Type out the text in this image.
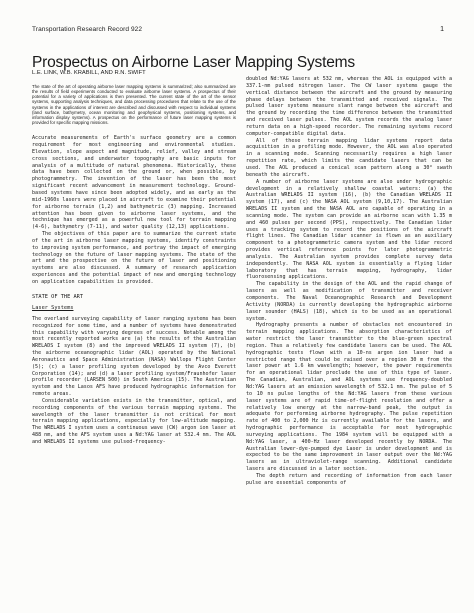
Transportation Research Record 922	1
Prospectus on Airborne Laser Mapping Systems
L.E. LINK, W.B. KRABILL, AND R.N. SWIFT

The state of the art of operating airborne laser mapping systems is summarized; also summarized are the results of field experiments conducted to evaluate airborne laser systems. A prospectus of their potential for a variety of applications is then presented. The current state of the art of the sensor systems, supporting analysis techniques, and data processing procedures that relate to the use of the systems in the applications of interest are described and discussed with respect to individual systems (land surface, bathymetry, ocean monitoring and geophysical systems, positioning systems, and information display systems). A prospectus on the performance of future laser mapping systems is provided for specific mapping missions.

Accurate measurements of Earth's surface geometry are a common requirement for most engineering and environmental studies. Elevation, slope aspect and magnitude, relief, valley and stream cross sections, and underwater topography are basic inputs for analysis of a multitude of natural phenomena. Historically, these data have been collected on the ground or, when possible, by photogrammetry. The invention of the laser has been the most significant recent advancement in measurement technology. Ground-based systems have since been adopted widely, and as early as the mid-1960s lasers were placed in aircraft to examine their potential for airborne terrain (1,2) and bathymetric (3) mapping. Increased attention has been given to airborne laser systems, and the technique has emerged as a powerful new tool for terrain mapping (4-6), bathymetry (7-11), and water quality (12,13) applications.

The objectives of this paper are to summarize the current state of the art in airborne laser mapping systems, identify constraints to improving system performance, and portray the impact of emerging technology on the future of laser mapping systems. The state of the art and the prospective on the future of laser and positioning systems are also discussed. A summary of research application experiences and the potential impact of new and emerging technology on application capabilities is provided.

STATE OF THE ART
Laser Systems

The overland surveying capability of laser ranging systems has been recognized for some time, and a number of systems have demonstrated this capability with varying degrees of success. Notable among the most recently reported works are (a) the results of the Australian WRELADS I system (8) and the improved WRELADS II system (7), (b) the airborne oceanographic lidar (AOL) operated by the National Aeronautics and Space Administration (NASA) Wallops Flight Center (5); (c) a laser profiling system developed by the Avco Everett Corporation (14); and (d) a laser profiling system/Fraunhofer laser profile recorder (LARSEN 500) in South America (15). The Australian system and the Lasos AFS have produced hydrographic information for remote areas.

Considerable variation exists in the transmitter, optical, and recording components of the various terrain mapping systems. The wavelength of the laser transmitter is not critical for most terrain mapping applications, especially for low-altitude mapping. The WRELADS I system uses a continuous wave (CW) argon ion laser at 488 nm, and the AFS system uses a Nd:YAG laser at 532.4 nm. The AOL and WRELADS II systems use pulsed-frequency-

doubled Nd:YAG lasers at 532 nm, whereas the AOL is equipped with a 337.1-nm pulsed nitrogen laser. The CW laser systems gauge the vertical distance between the aircraft and the ground by measuring phase delays between the transmitted and received signals. The pulsed laser systems measure slant range between the aircraft and the ground by recording the time difference between the transmitted and received laser pulses. The AOL system records the analog laser return data on a high-speed recorder. The remaining systems record computer-compatible digital data.

All of these terrain mapping lidar systems report data acquisition in a profiling mode. However, the AOL was also operated in a scanning mode. Scanning necessarily requires a high laser repetition rate, which limits the candidate lasers that can be used. The AOL produced a conical scan pattern along a 30° swath beneath the aircraft.

A number of airborne laser systems are also under hydrographic development in a relatively shallow coastal waters: (a) the Australian WRELADS II system (16), (b) the Canadian WRELADS II system (17), and (c) the NASA AOL system (9,10,17). The Australian WRELADS II system and the NASA AOL are capable of operating in a scanning mode. The system can provide an airborne scan with 1.35 m and 460 pulses per second (PPS), respectively. The Canadian lidar uses a tracking system to record the positions of the aircraft flight lines. The Canadian lidar scanner is flown as an auxiliary component to a photogrammetric camera system and the lidar record provides vertical reference points for later photogrammetric analysis. The Australian system provides complete survey data independently. The NASA AOL system is essentially a flying lidar laboratory that has terrain mapping, hydrography, lidar fluorosensing applications.

The capability in the design of the AOL and the rapid change of lasers as well as modification of transmitter and receiver components. The Naval Oceanographic Research and Development Activity (NORDA) is currently developing the hydrographic airborne laser sounder (HALS) (18), which is to be used as an operational system.

Hydrography presents a number of obstacles not encountered in terrain mapping applications. The absorption characteristics of water restrict the laser transmitter to the blue-green spectral region. Thus a relatively few candidate lasers can be used. The AOL hydrographic tests flown with a 10-ns argon ion laser had a restricted range that could be raised over a region 30 m from the laser power at 1.6 km wavelength; however, the power requirements for an operational lidar preclude the use of this type of laser. The Canadian, Australian, and AOL systems use frequency-doubled Nd:YAG lasers at an emission wavelength of 532.1 nm. The pulse of 5 to 10 ns pulse lengths of the Nd:YAG lasers from these various laser systems are of rapid time-of-flight resolution and offer a relatively low energy at the narrow-band peak, the output is adequate for performing airborne hydrography. The pulse repetition rate of 400 to 2,000 Hz is currently available for the lasers, and hydrographic performance is acceptable for most hydrographic surveying applications. The 1984 system will be equipped with a Nd:YAG laser, a 400-Hz laser developed recently by NORDA. The Australian lower-dye-pumped dye Laser is under development and is expected to be the same improvement in laser output over the Nd:YAG lasers as in ultraviolet-range scanning. Additional candidate lasers are discussed in a later section.

The depth return and recording of information from each laser pulse are essential components of
